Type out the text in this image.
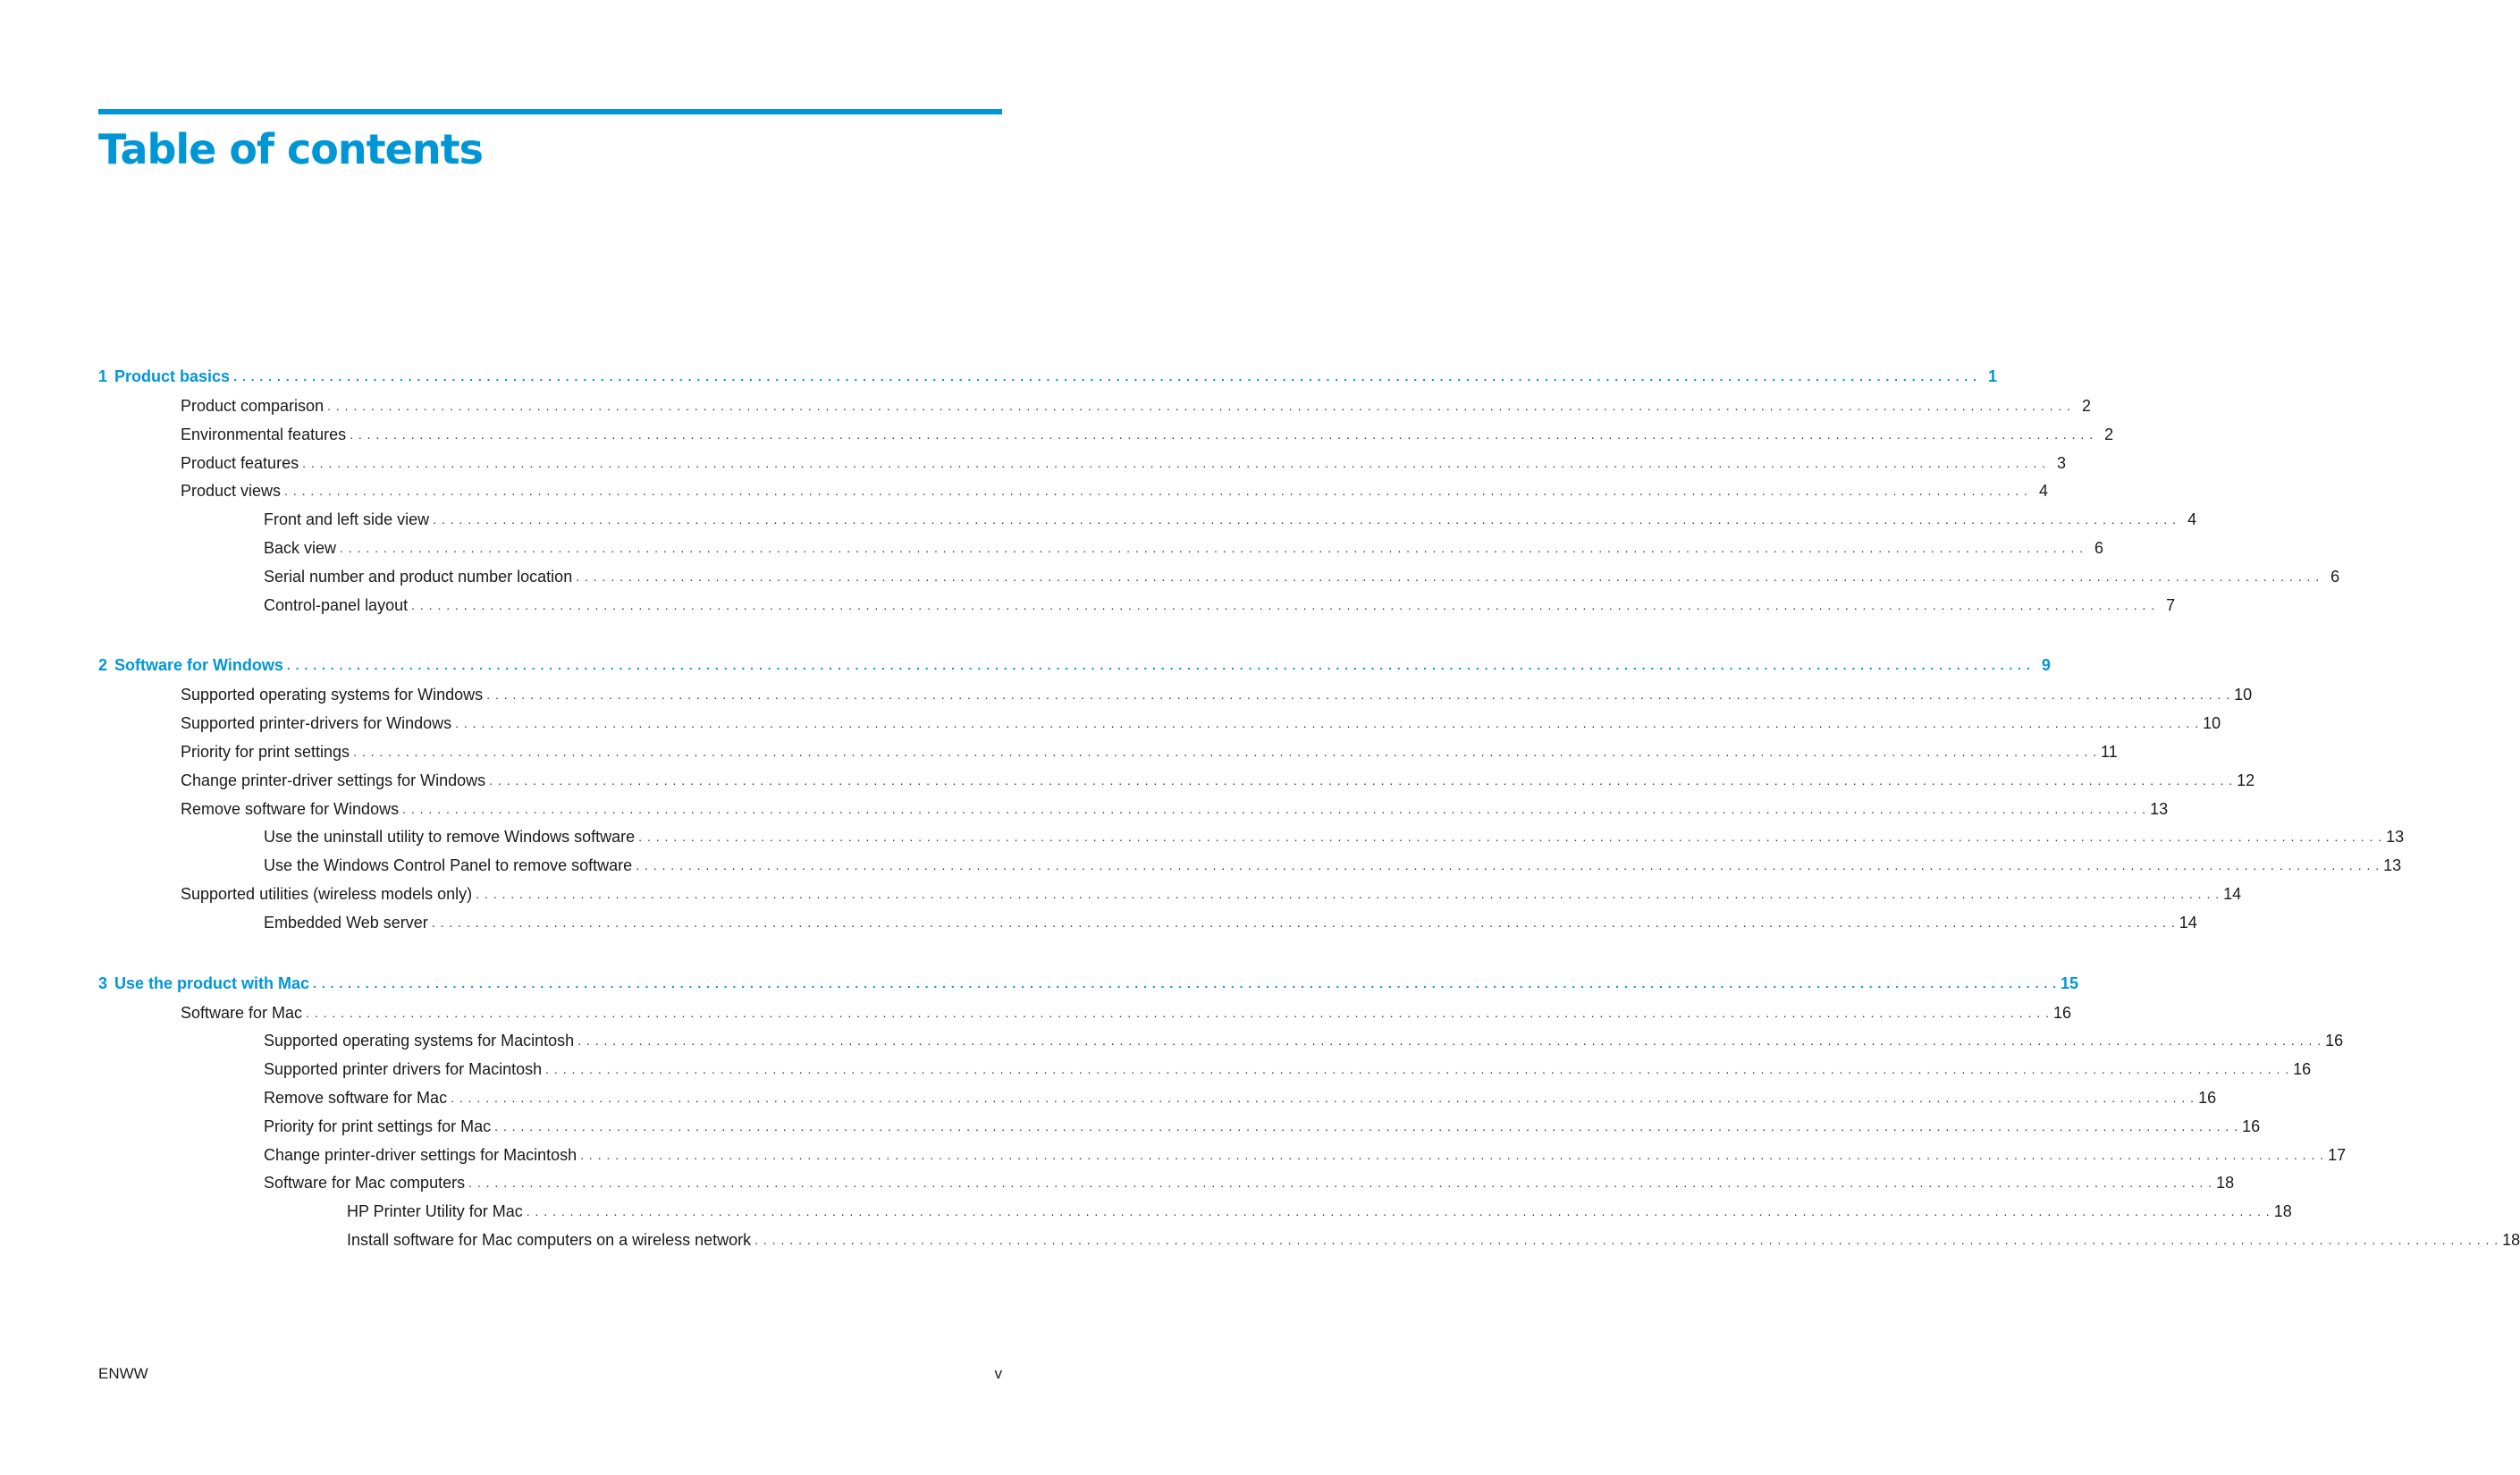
Table of contents
1 Product basics . . . . . . . . . . . . . . . . . . . . . . . . . . . . . . . . . . . . . . . . . . . . . . . . . . . . . . . . . . . . . . . . . . . . . . . . . . . . . . . . . . . . . . . . . . . . . . . . . . . . . . . . . . . . . . . . . . . . . . . . . . . . . . . . . . . . . . . . . . . . . . . . . . . . . . . . . . . . . . . . . . . . . . . . . . . . . . . . . . . . . . . . . . . . . . . . . . . . . . . . 1
Product comparison . . . . . . . . . . . . . . . . . . . . . . . . . . . . . . . . . . . . . . . . . . . . . . . . . . . . . . . . . . . . . . . . . . . . . . . . . . . . . . . . . . . . . . . . . . . . . . . . . . . . . . . . . . . . . . . . . . . . . . . . . . . . . . . . . . . . . . . . . . . . . . . . . . . . . . . . . . . . . . . . . . . . . . . . . . . . . . . . . . . . . . . . . . . . . . . . . . . . . . . . 2
Environmental features . . . . . . . . . . . . . . . . . . . . . . . . . . . . . . . . . . . . . . . . . . . . . . . . . . . . . . . . . . . . . . . . . . . . . . . . . . . . . . . . . . . . . . . . . . . . . . . . . . . . . . . . . . . . . . . . . . . . . . . . . . . . . . . . . . . . . . . . . . . . . . . . . . . . . . . . . . . . . . . . . . . . . . . . . . . . . . . . . . . . . . . . . . . . . . . . . . . . . . . . 2
Product features . . . . . . . . . . . . . . . . . . . . . . . . . . . . . . . . . . . . . . . . . . . . . . . . . . . . . . . . . . . . . . . . . . . . . . . . . . . . . . . . . . . . . . . . . . . . . . . . . . . . . . . . . . . . . . . . . . . . . . . . . . . . . . . . . . . . . . . . . . . . . . . . . . . . . . . . . . . . . . . . . . . . . . . . . . . . . . . . . . . . . . . . . . . . . . . . . . . . . . . . 3
Product views . . . . . . . . . . . . . . . . . . . . . . . . . . . . . . . . . . . . . . . . . . . . . . . . . . . . . . . . . . . . . . . . . . . . . . . . . . . . . . . . . . . . . . . . . . . . . . . . . . . . . . . . . . . . . . . . . . . . . . . . . . . . . . . . . . . . . . . . . . . . . . . . . . . . . . . . . . . . . . . . . . . . . . . . . . . . . . . . . . . . . . . . . . . . . . . . . . . . . . . . 4
Front and left side view . . . . . . . . . . . . . . . . . . . . . . . . . . . . . . . . . . . . . . . . . . . . . . . . . . . . . . . . . . . . . . . . . . . . . . . . . . . . . . . . . . . . . . . . . . . . . . . . . . . . . . . . . . . . . . . . . . . . . . . . . . . . . . . . . . . . . . . . . . . . . . . . . . . . . . . . . . . . . . . . . . . . . . . . . . . . . . . . . . . . . . . . . . . . . . . . . . . . . . . . 4
Back view . . . . . . . . . . . . . . . . . . . . . . . . . . . . . . . . . . . . . . . . . . . . . . . . . . . . . . . . . . . . . . . . . . . . . . . . . . . . . . . . . . . . . . . . . . . . . . . . . . . . . . . . . . . . . . . . . . . . . . . . . . . . . . . . . . . . . . . . . . . . . . . . . . . . . . . . . . . . . . . . . . . . . . . . . . . . . . . . . . . . . . . . . . . . . . . . . . . . . . . . 6
Serial number and product number location . . . . . . . . . . . . . . . . . . . . . . . . . . . . . . . . . . . . . . . . . . . . . . . . . . . . . . . . . . . . . . . . . . . . . . . . . . . . . . . . . . . . . . . . . . . . . . . . . . . . . . . . . . . . . . . . . . . . . . . . . . . . . . . . . . . . . . . . . . . . . . . . . . . . . . . . . . . . . . . . . . . . . . . . . . . . . . . . . . . . . . . . . . . . . . . . . . . . . . . . 6
Control-panel layout . . . . . . . . . . . . . . . . . . . . . . . . . . . . . . . . . . . . . . . . . . . . . . . . . . . . . . . . . . . . . . . . . . . . . . . . . . . . . . . . . . . . . . . . . . . . . . . . . . . . . . . . . . . . . . . . . . . . . . . . . . . . . . . . . . . . . . . . . . . . . . . . . . . . . . . . . . . . . . . . . . . . . . . . . . . . . . . . . . . . . . . . . . . . . . . . . . . . . . . . 7
2 Software for Windows . . . . . . . . . . . . . . . . . . . . . . . . . . . . . . . . . . . . . . . . . . . . . . . . . . . . . . . . . . . . . . . . . . . . . . . . . . . . . . . . . . . . . . . . . . . . . . . . . . . . . . . . . . . . . . . . . . . . . . . . . . . . . . . . . . . . . . . . . . . . . . . . . . . . . . . . . . . . . . . . . . . . . . . . . . . . . . . . . . . . . . . . . . . . . . . . . . . . . . . . 9
Supported operating systems for Windows . . . . . . . . . . . . . . . . . . . . . . . . . . . . . . . . . . . . . . . . . . . . . . . . . . . . . . . . . . . . . . . . . . . . . . . . . . . . . . . . . . . . . . . . . . . . . . . . . . . . . . . . . . . . . . . . . . . . . . . . . . . . . . . . . . . . . . . . . . . . . . . . . . . . . . . . . . . . . . . . . . . . . . . . . . . . . . . . . . . . . . . . . . . . . . . . . . . . . . . . 10
Supported printer-drivers for Windows . . . . . . . . . . . . . . . . . . . . . . . . . . . . . . . . . . . . . . . . . . . . . . . . . . . . . . . . . . . . . . . . . . . . . . . . . . . . . . . . . . . . . . . . . . . . . . . . . . . . . . . . . . . . . . . . . . . . . . . . . . . . . . . . . . . . . . . . . . . . . . . . . . . . . . . . . . . . . . . . . . . . . . . . . . . . . . . . . . . . . . . . . . . . . . . . . . . . . . . . 10
Priority for print settings . . . . . . . . . . . . . . . . . . . . . . . . . . . . . . . . . . . . . . . . . . . . . . . . . . . . . . . . . . . . . . . . . . . . . . . . . . . . . . . . . . . . . . . . . . . . . . . . . . . . . . . . . . . . . . . . . . . . . . . . . . . . . . . . . . . . . . . . . . . . . . . . . . . . . . . . . . . . . . . . . . . . . . . . . . . . . . . . . . . . . . . . . . . . . . . . . . . . . . . . 11
Change printer-driver settings for Windows . . . . . . . . . . . . . . . . . . . . . . . . . . . . . . . . . . . . . . . . . . . . . . . . . . . . . . . . . . . . . . . . . . . . . . . . . . . . . . . . . . . . . . . . . . . . . . . . . . . . . . . . . . . . . . . . . . . . . . . . . . . . . . . . . . . . . . . . . . . . . . . . . . . . . . . . . . . . . . . . . . . . . . . . . . . . . . . . . . . . . . . . . . . . . . . . . . . . . . . . 12
Remove software for Windows . . . . . . . . . . . . . . . . . . . . . . . . . . . . . . . . . . . . . . . . . . . . . . . . . . . . . . . . . . . . . . . . . . . . . . . . . . . . . . . . . . . . . . . . . . . . . . . . . . . . . . . . . . . . . . . . . . . . . . . . . . . . . . . . . . . . . . . . . . . . . . . . . . . . . . . . . . . . . . . . . . . . . . . . . . . . . . . . . . . . . . . . . . . . . . . . . . . . . . . . 13
Use the uninstall utility to remove Windows software . . . . . . . . . . . . . . . . . . . . . . . . . . . . . . . . . . . . . . . . . . . . . . . . . . . . . . . . . . . . . . . . . . . . . . . . . . . . . . . . . . . . . . . . . . . . . . . . . . . . . . . . . . . . . . . . . . . . . . . . . . . . . . . . . . . . . . . . . . . . . . . . . . . . . . . . . . . . . . . . . . . . . . . . . . . . . . . . . . . . . . . . . . . . . . . . . . . . . . . . 13
Use the Windows Control Panel to remove software . . . . . . . . . . . . . . . . . . . . . . . . . . . . . . . . . . . . . . . . . . . . . . . . . . . . . . . . . . . . . . . . . . . . . . . . . . . . . . . . . . . . . . . . . . . . . . . . . . . . . . . . . . . . . . . . . . . . . . . . . . . . . . . . . . . . . . . . . . . . . . . . . . . . . . . . . . . . . . . . . . . . . . . . . . . . . . . . . . . . . . . . . . . . . . . . . . . . . . . . 13
Supported utilities (wireless models only) . . . . . . . . . . . . . . . . . . . . . . . . . . . . . . . . . . . . . . . . . . . . . . . . . . . . . . . . . . . . . . . . . . . . . . . . . . . . . . . . . . . . . . . . . . . . . . . . . . . . . . . . . . . . . . . . . . . . . . . . . . . . . . . . . . . . . . . . . . . . . . . . . . . . . . . . . . . . . . . . . . . . . . . . . . . . . . . . . . . . . . . . . . . . . . . . . . . . . . . . 14
Embedded Web server . . . . . . . . . . . . . . . . . . . . . . . . . . . . . . . . . . . . . . . . . . . . . . . . . . . . . . . . . . . . . . . . . . . . . . . . . . . . . . . . . . . . . . . . . . . . . . . . . . . . . . . . . . . . . . . . . . . . . . . . . . . . . . . . . . . . . . . . . . . . . . . . . . . . . . . . . . . . . . . . . . . . . . . . . . . . . . . . . . . . . . . . . . . . . . . . . . . . . . . . 14
3 Use the product with Mac . . . . . . . . . . . . . . . . . . . . . . . . . . . . . . . . . . . . . . . . . . . . . . . . . . . . . . . . . . . . . . . . . . . . . . . . . . . . . . . . . . . . . . . . . . . . . . . . . . . . . . . . . . . . . . . . . . . . . . . . . . . . . . . . . . . . . . . . . . . . . . . . . . . . . . . . . . . . . . . . . . . . . . . . . . . . . . . . . . . . . . . . . . . . . . . . . . . . . . . . 15
Software for Mac . . . . . . . . . . . . . . . . . . . . . . . . . . . . . . . . . . . . . . . . . . . . . . . . . . . . . . . . . . . . . . . . . . . . . . . . . . . . . . . . . . . . . . . . . . . . . . . . . . . . . . . . . . . . . . . . . . . . . . . . . . . . . . . . . . . . . . . . . . . . . . . . . . . . . . . . . . . . . . . . . . . . . . . . . . . . . . . . . . . . . . . . . . . . . . . . . . . . . . . . 16
Supported operating systems for Macintosh . . . . . . . . . . . . . . . . . . . . . . . . . . . . . . . . . . . . . . . . . . . . . . . . . . . . . . . . . . . . . . . . . . . . . . . . . . . . . . . . . . . . . . . . . . . . . . . . . . . . . . . . . . . . . . . . . . . . . . . . . . . . . . . . . . . . . . . . . . . . . . . . . . . . . . . . . . . . . . . . . . . . . . . . . . . . . . . . . . . . . . . . . . . . . . . . . . . . . . . . 16
Supported printer drivers for Macintosh . . . . . . . . . . . . . . . . . . . . . . . . . . . . . . . . . . . . . . . . . . . . . . . . . . . . . . . . . . . . . . . . . . . . . . . . . . . . . . . . . . . . . . . . . . . . . . . . . . . . . . . . . . . . . . . . . . . . . . . . . . . . . . . . . . . . . . . . . . . . . . . . . . . . . . . . . . . . . . . . . . . . . . . . . . . . . . . . . . . . . . . . . . . . . . . . . . . . . . . . 16
Remove software for Mac . . . . . . . . . . . . . . . . . . . . . . . . . . . . . . . . . . . . . . . . . . . . . . . . . . . . . . . . . . . . . . . . . . . . . . . . . . . . . . . . . . . . . . . . . . . . . . . . . . . . . . . . . . . . . . . . . . . . . . . . . . . . . . . . . . . . . . . . . . . . . . . . . . . . . . . . . . . . . . . . . . . . . . . . . . . . . . . . . . . . . . . . . . . . . . . . . . . . . . . . 16
Priority for print settings for Mac . . . . . . . . . . . . . . . . . . . . . . . . . . . . . . . . . . . . . . . . . . . . . . . . . . . . . . . . . . . . . . . . . . . . . . . . . . . . . . . . . . . . . . . . . . . . . . . . . . . . . . . . . . . . . . . . . . . . . . . . . . . . . . . . . . . . . . . . . . . . . . . . . . . . . . . . . . . . . . . . . . . . . . . . . . . . . . . . . . . . . . . . . . . . . . . . . . . . . . . . 16
Change printer-driver settings for Macintosh . . . . . . . . . . . . . . . . . . . . . . . . . . . . . . . . . . . . . . . . . . . . . . . . . . . . . . . . . . . . . . . . . . . . . . . . . . . . . . . . . . . . . . . . . . . . . . . . . . . . . . . . . . . . . . . . . . . . . . . . . . . . . . . . . . . . . . . . . . . . . . . . . . . . . . . . . . . . . . . . . . . . . . . . . . . . . . . . . . . . . . . . . . . . . . . . . . . . . . . . 17
Software for Mac computers . . . . . . . . . . . . . . . . . . . . . . . . . . . . . . . . . . . . . . . . . . . . . . . . . . . . . . . . . . . . . . . . . . . . . . . . . . . . . . . . . . . . . . . . . . . . . . . . . . . . . . . . . . . . . . . . . . . . . . . . . . . . . . . . . . . . . . . . . . . . . . . . . . . . . . . . . . . . . . . . . . . . . . . . . . . . . . . . . . . . . . . . . . . . . . . . . . . . . . . . 18
HP Printer Utility for Mac . . . . . . . . . . . . . . . . . . . . . . . . . . . . . . . . . . . . . . . . . . . . . . . . . . . . . . . . . . . . . . . . . . . . . . . . . . . . . . . . . . . . . . . . . . . . . . . . . . . . . . . . . . . . . . . . . . . . . . . . . . . . . . . . . . . . . . . . . . . . . . . . . . . . . . . . . . . . . . . . . . . . . . . . . . . . . . . . . . . . . . . . . . . . . . . . . . . . . . . . 18
Install software for Mac computers on a wireless network . . . . . . . . . . . . . . . . . . . . . . . . . . . . . . . . . . . . . . . . . . . . . . . . . . . . . . . . . . . . . . . . . . . . . . . . . . . . . . . . . . . . . . . . . . . . . . . . . . . . . . . . . . . . . . . . . . . . . . . . . . . . . . . . . . . . . . . . . . . . . . . . . . . . . . . . . . . . . . . . . . . . . . . . . . . . . . . . . . . . . . . . . . . . . . . . . . . . . . . . 18
ENWW	v
